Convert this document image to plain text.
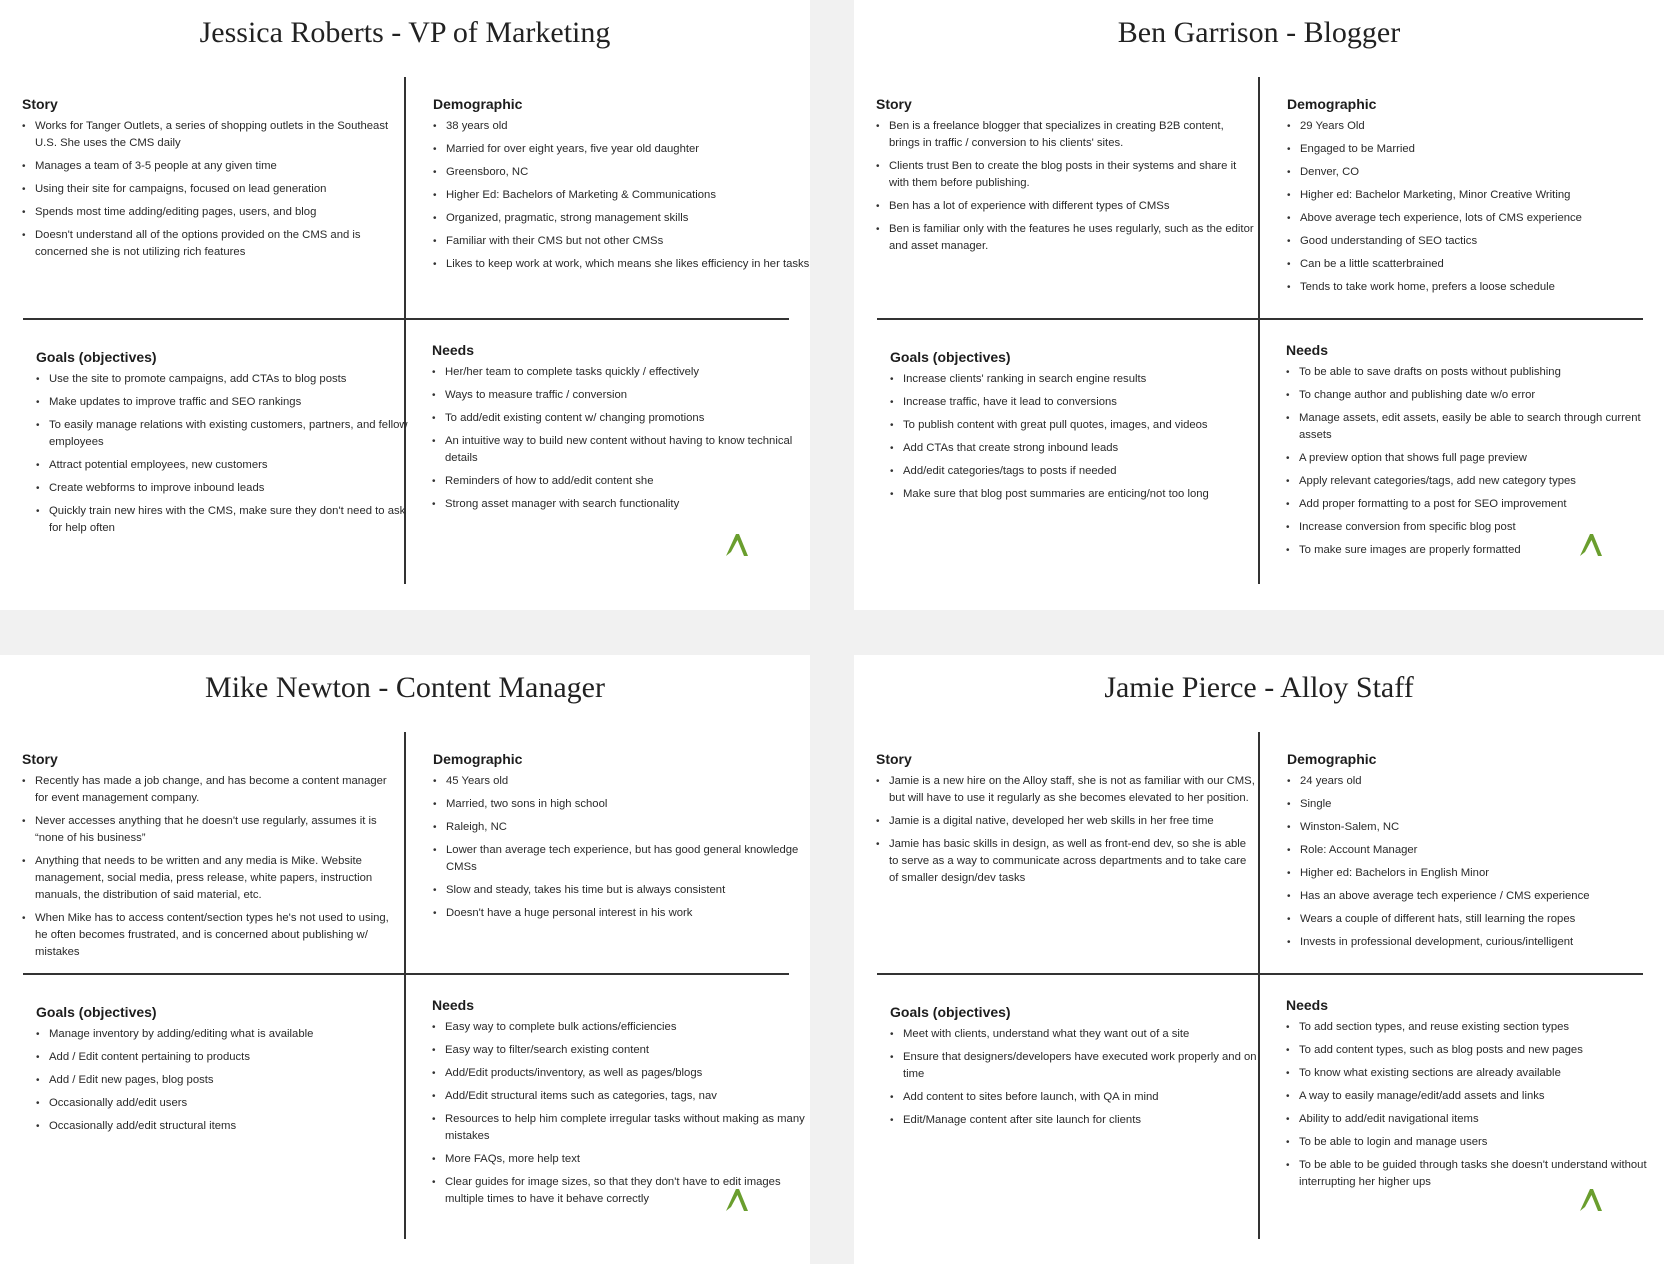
Jessica Roberts - VP of Marketing
Story
• Works for Tanger Outlets, a series of shopping outlets in the Southeast U.S. She uses the CMS daily
• Manages a team of 3-5 people at any given time
• Using their site for campaigns, focused on lead generation
• Spends most time adding/editing pages, users, and blog
• Doesn't understand all of the options provided on the CMS and is concerned she is not utilizing rich features
Demographic
• 38 years old
• Married for over eight years, five year old daughter
• Greensboro, NC
• Higher Ed: Bachelors of Marketing & Communications
• Organized, pragmatic, strong management skills
• Familiar with their CMS but not other CMSs
• Likes to keep work at work, which means she likes efficiency in her tasks
Goals (objectives)
• Use the site to promote campaigns, add CTAs to blog posts
• Make updates to improve traffic and SEO rankings
• To easily manage relations with existing customers, partners, and fellow employees
• Attract potential employees, new customers
• Create webforms to improve inbound leads
• Quickly train new hires with the CMS, make sure they don't need to ask for help often
Needs
• Her/her team to complete tasks quickly / effectively
• Ways to measure traffic / conversion
• To add/edit existing content w/ changing promotions
• An intuitive way to build new content without having to know technical details
• Reminders of how to add/edit content she
• Strong asset manager with search functionality
Ben Garrison - Blogger
Story
• Ben is a freelance blogger that specializes in creating B2B content, brings in traffic / conversion to his clients' sites.
• Clients trust Ben to create the blog posts in their systems and share it with them before publishing.
• Ben has a lot of experience with different types of CMSs
• Ben is familiar only with the features he uses regularly, such as the editor and asset manager.
Demographic
• 29 Years Old
• Engaged to be Married
• Denver, CO
• Higher ed: Bachelor Marketing, Minor Creative Writing
• Above average tech experience, lots of CMS experience
• Good understanding of SEO tactics
• Can be a little scatterbrained
• Tends to take work home, prefers a loose schedule
Goals (objectives)
• Increase clients' ranking in search engine results
• Increase traffic, have it lead to conversions
• To publish content with great pull quotes, images, and videos
• Add CTAs that create strong inbound leads
• Add/edit categories/tags to posts if needed
• Make sure that blog post summaries are enticing/not too long
Needs
• To be able to save drafts on posts without publishing
• To change author and publishing date w/o error
• Manage assets, edit assets, easily be able to search through current assets
• A preview option that shows full page preview
• Apply relevant categories/tags, add new category types
• Add proper formatting to a post for SEO improvement
• Increase conversion from specific blog post
• To make sure images are properly formatted
Mike Newton - Content Manager
Story
• Recently has made a job change, and has become a content manager for event management company.
• Never accesses anything that he doesn't use regularly, assumes it is “none of his business”
• Anything that needs to be written and any media is Mike. Website management, social media, press release, white papers, instruction manuals, the distribution of said material, etc.
• When Mike has to access content/section types he's not used to using, he often becomes frustrated, and is concerned about publishing w/ mistakes
Demographic
• 45 Years old
• Married, two sons in high school
• Raleigh, NC
• Lower than average tech experience, but has good general knowledge CMSs
• Slow and steady, takes his time but is always consistent
• Doesn't have a huge personal interest in his work
Goals (objectives)
• Manage inventory by adding/editing what is available
• Add / Edit content pertaining to products
• Add / Edit new pages, blog posts
• Occasionally add/edit users
• Occasionally add/edit structural items
Needs
• Easy way to complete bulk actions/efficiencies
• Easy way to filter/search existing content
• Add/Edit products/inventory, as well as pages/blogs
• Add/Edit structural items such as categories, tags, nav
• Resources to help him complete irregular tasks without making as many mistakes
• More FAQs, more help text
• Clear guides for image sizes, so that they don't have to edit images multiple times to have it behave correctly
Jamie Pierce - Alloy Staff
Story
• Jamie is a new hire on the Alloy staff, she is not as familiar with our CMS, but will have to use it regularly as she becomes elevated to her position.
• Jamie is a digital native, developed her web skills in her free time
• Jamie has basic skills in design, as well as front-end dev, so she is able to serve as a way to communicate across departments and to take care of smaller design/dev tasks
Demographic
• 24 years old
• Single
• Winston-Salem, NC
• Role: Account Manager
• Higher ed: Bachelors in English Minor
• Has an above average tech experience / CMS experience
• Wears a couple of different hats, still learning the ropes
• Invests in professional development, curious/intelligent
Goals (objectives)
• Meet with clients, understand what they want out of a site
• Ensure that designers/developers have executed work properly and on time
• Add content to sites before launch, with QA in mind
• Edit/Manage content after site launch for clients
Needs
• To add section types, and reuse existing section types
• To add content types, such as blog posts and new pages
• To know what existing sections are already available
• A way to easily manage/edit/add assets and links
• Ability to add/edit navigational items
• To be able to login and manage users
• To be able to be guided through tasks she doesn't understand without interrupting her higher ups
